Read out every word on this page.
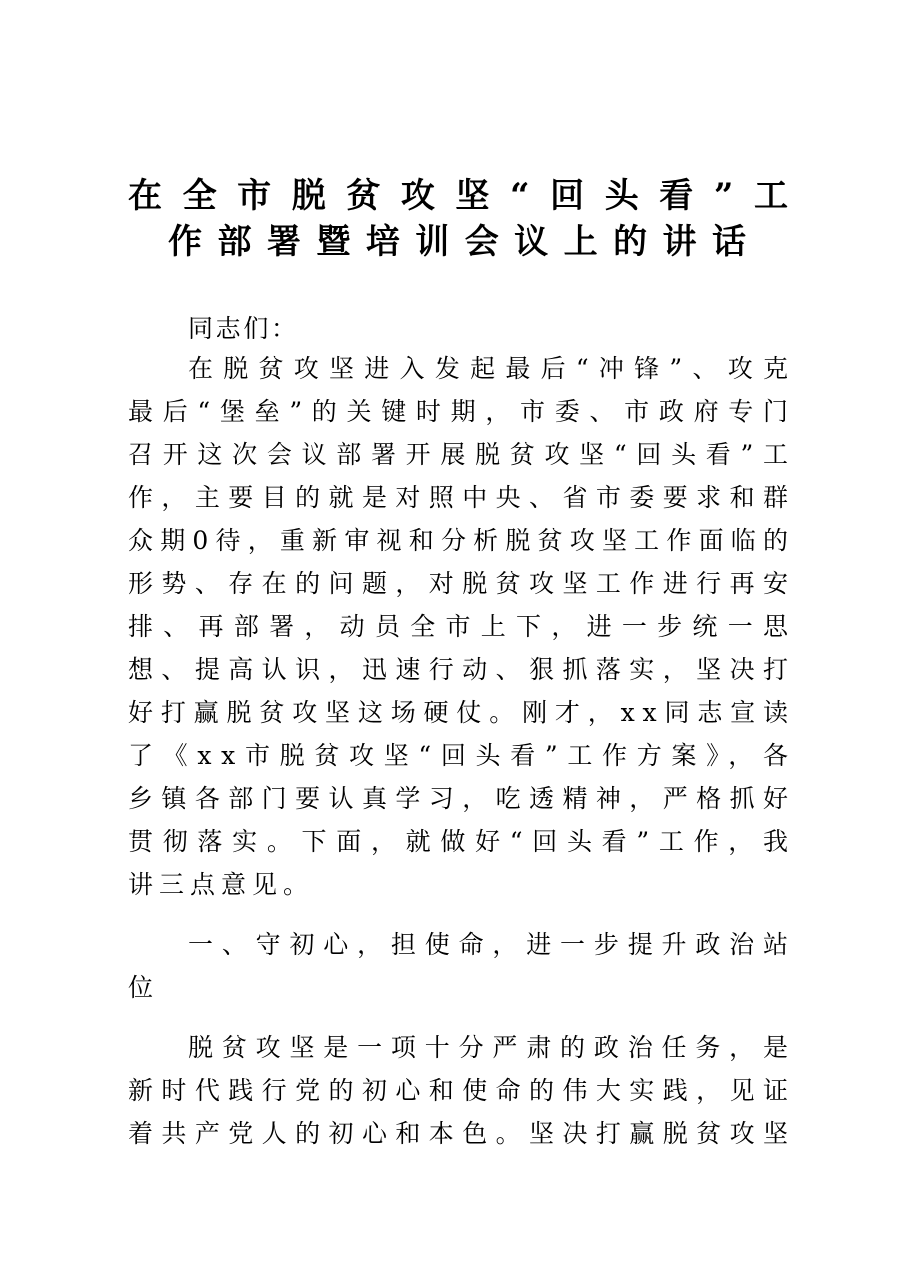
在全市脱贫攻坚“回头看”工
作部署暨培训会议上的讲话
同志们：
在脱贫攻坚进入发起最后“冲锋”、攻克
最后“堡垒”的关键时期，市委、市政府专门
召开这次会议部署开展脱贫攻坚“回头看”工
作，主要目的就是对照中央、省市委要求和群
众期0待，重新审视和分析脱贫攻坚工作面临的
形势、存在的问题，对脱贫攻坚工作进行再安
排、再部署，动员全市上下，进一步统一思
想、提高认识，迅速行动、狠抓落实，坚决打
好打赢脱贫攻坚这场硬仗。刚才，xx同志宣读
了《xx市脱贫攻坚“回头看”工作方案》，各
乡镇各部门要认真学习，吃透精神，严格抓好
贯彻落实。下面，就做好“回头看”工作，我
讲三点意见。
一、守初心，担使命，进一步提升政治站
位
脱贫攻坚是一项十分严肃的政治任务，是
新时代践行党的初心和使命的伟大实践，见证
着共产党人的初心和本色。坚决打赢脱贫攻坚
